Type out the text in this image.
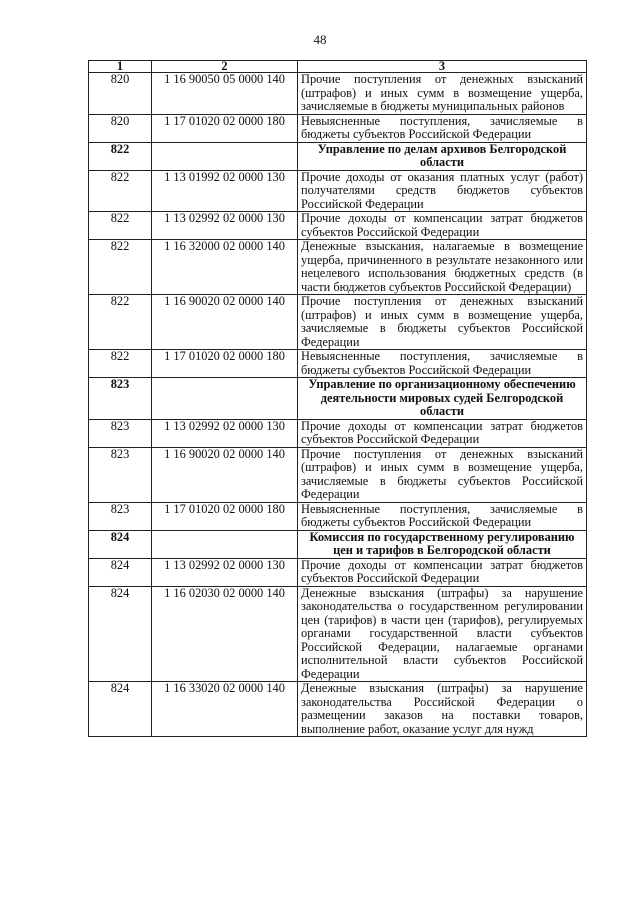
48
1	2	3
820	1 16 90050 05 0000 140	Прочие поступления от денежных взысканий (штрафов) и иных сумм в возмещение ущерба, зачисляемые в бюджеты муниципальных районов
820	1 17 01020 02 0000 180	Невыясненные поступления, зачисляемые в бюджеты субъектов Российской Федерации
822		Управление по делам архивов Белгородской области
822	1 13 01992 02 0000 130	Прочие доходы от оказания платных услуг (работ) получателями средств бюджетов субъектов Российской Федерации
822	1 13 02992 02 0000 130	Прочие доходы от компенсации затрат бюджетов субъектов Российской Федерации
822	1 16 32000 02 0000 140	Денежные взыскания, налагаемые в возмещение ущерба, причиненного в результате незаконного или нецелевого использования бюджетных средств (в части бюджетов субъектов Российской Федерации)
822	1 16 90020 02 0000 140	Прочие поступления от денежных взысканий (штрафов) и иных сумм в возмещение ущерба, зачисляемые в бюджеты субъектов Российской Федерации
822	1 17 01020 02 0000 180	Невыясненные поступления, зачисляемые в бюджеты субъектов Российской Федерации
823		Управление по организационному обеспечению деятельности мировых судей Белгородской области
823	1 13 02992 02 0000 130	Прочие доходы от компенсации затрат бюджетов субъектов Российской Федерации
823	1 16 90020 02 0000 140	Прочие поступления от денежных взысканий (штрафов) и иных сумм в возмещение ущерба, зачисляемые в бюджеты субъектов Российской Федерации
823	1 17 01020 02 0000 180	Невыясненные поступления, зачисляемые в бюджеты субъектов Российской Федерации
824		Комиссия по государственному регулированию цен и тарифов в Белгородской области
824	1 13 02992 02 0000 130	Прочие доходы от компенсации затрат бюджетов субъектов Российской Федерации
824	1 16 02030 02 0000 140	Денежные взыскания (штрафы) за нарушение законодательства о государственном регулировании цен (тарифов) в части цен (тарифов), регулируемых органами государственной власти субъектов Российской Федерации, налагаемые органами исполнительной власти субъектов Российской Федерации
824	1 16 33020 02 0000 140	Денежные взыскания (штрафы) за нарушение законодательства Российской Федерации о размещении заказов на поставки товаров, выполнение работ, оказание услуг для нужд
